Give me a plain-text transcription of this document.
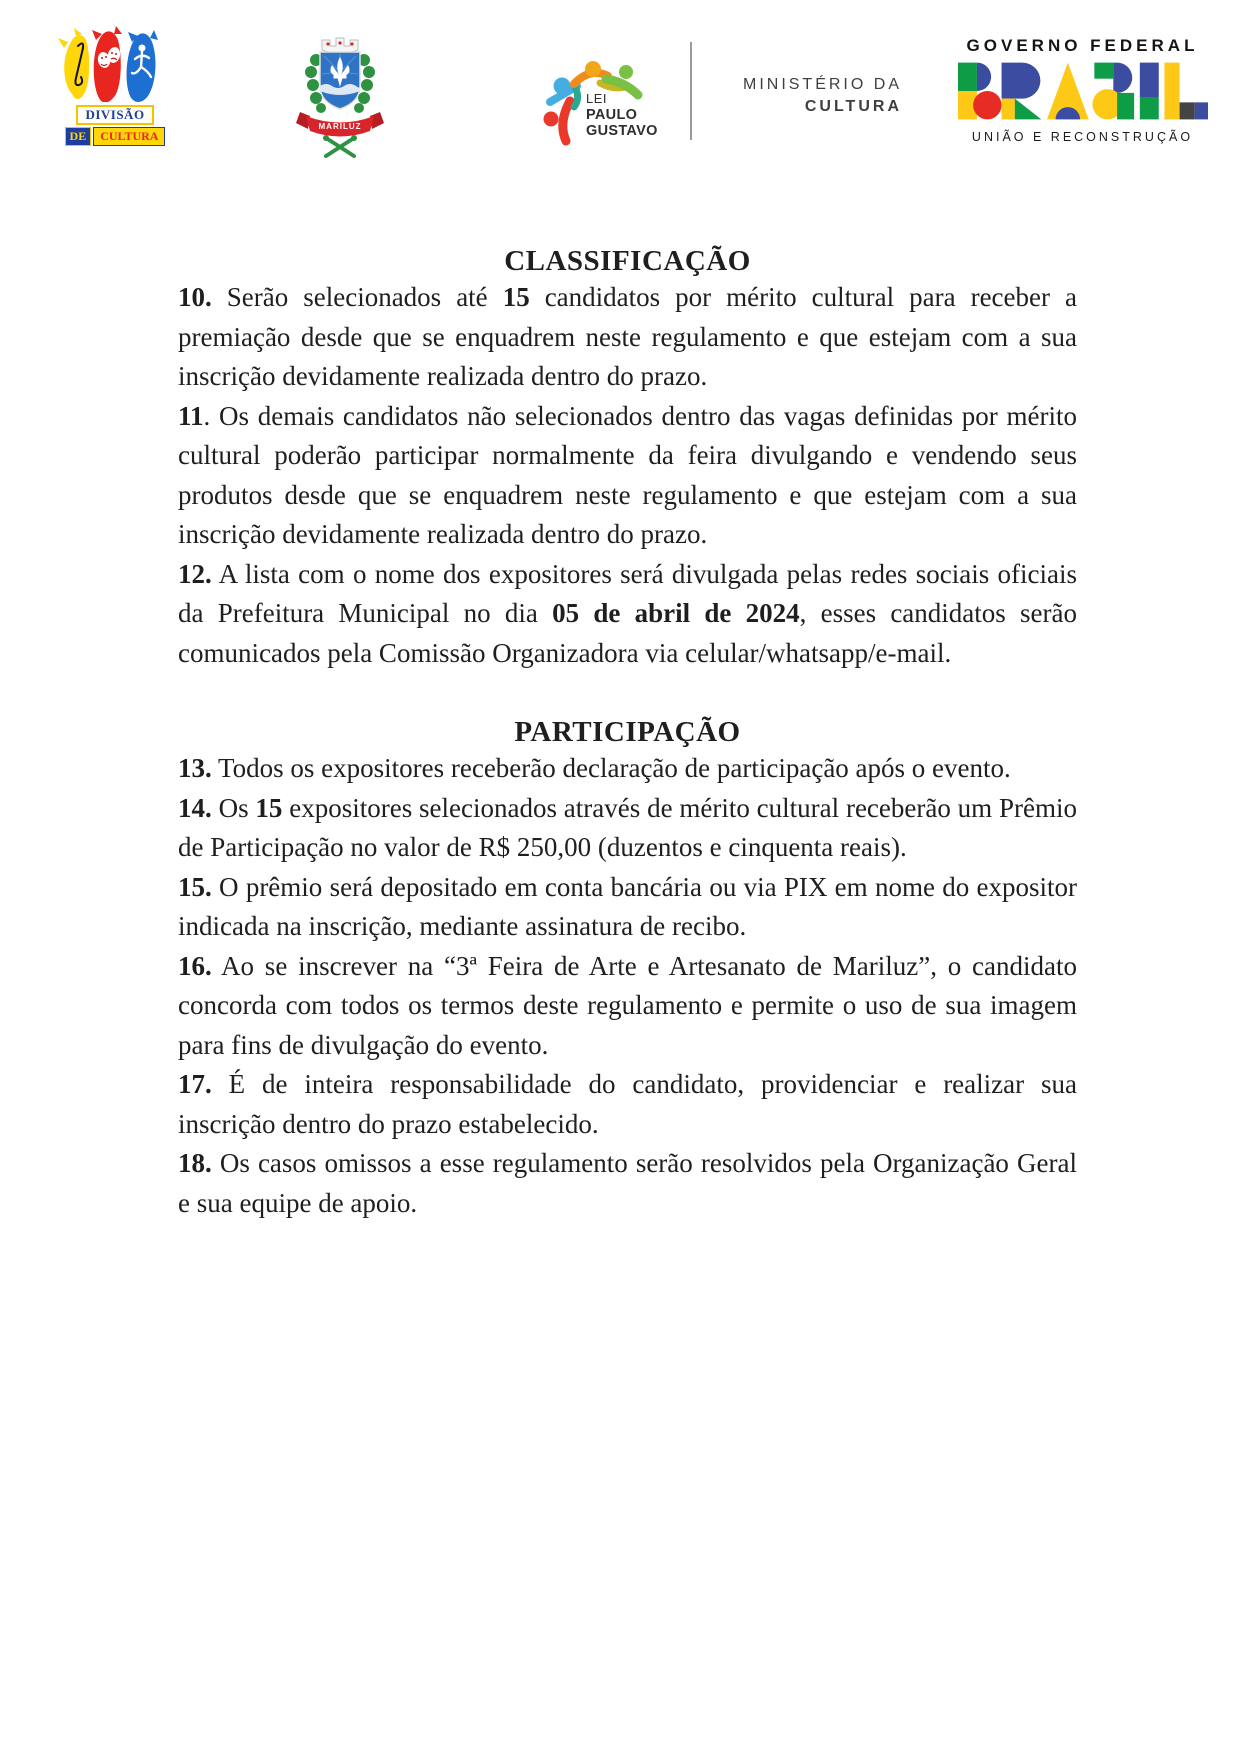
DIVISÃO
DE	CULTURA
MARILUZ
LEI
PAULO
GUSTAVO
MINISTÉRIO DA
CULTURA
GOVERNO FEDERAL
UNIÃO E RECONSTRUÇÃO
CLASSIFICAÇÃO

10. Serão selecionados até 15 candidatos por mérito cultural para receber a premiação desde que se enquadrem neste regulamento e que estejam com a sua inscrição devidamente realizada dentro do prazo.

11. Os demais candidatos não selecionados dentro das vagas definidas por mérito cultural poderão participar normalmente da feira divulgando e vendendo seus produtos desde que se enquadrem neste regulamento e que estejam com a sua inscrição devidamente realizada dentro do prazo.

12. A lista com o nome dos expositores será divulgada pelas redes sociais oficiais da Prefeitura Municipal no dia 05 de abril de 2024, esses candidatos serão comunicados pela Comissão Organizadora via celular/whatsapp/e-mail.

PARTICIPAÇÃO

13. Todos os expositores receberão declaração de participação após o evento.

14. Os 15 expositores selecionados através de mérito cultural receberão um Prêmio de Participação no valor de R$ 250,00 (duzentos e cinquenta reais).

15. O prêmio será depositado em conta bancária ou via PIX em nome do expositor indicada na inscrição, mediante assinatura de recibo.

16. Ao se inscrever na “3ª Feira de Arte e Artesanato de Mariluz”, o candidato concorda com todos os termos deste regulamento e permite o uso de sua imagem para fins de divulgação do evento.

17. É de inteira responsabilidade do candidato, providenciar e realizar sua inscrição dentro do prazo estabelecido.

18. Os casos omissos a esse regulamento serão resolvidos pela Organização Geral e sua equipe de apoio.
